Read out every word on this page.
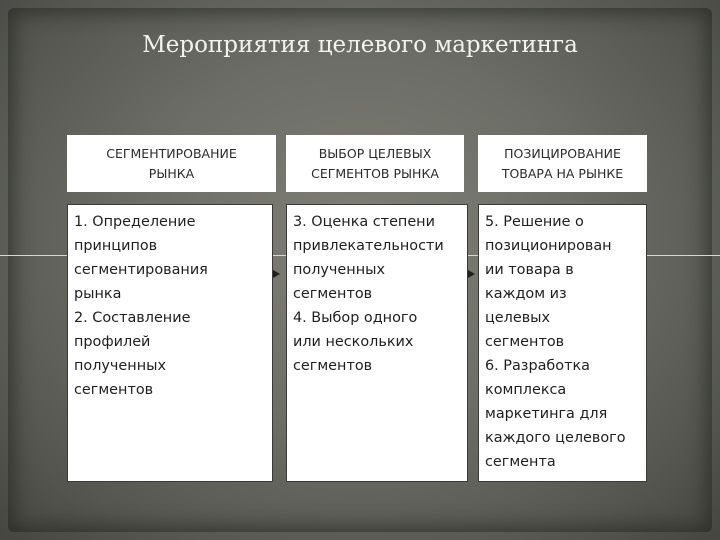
Мероприятия целевого маркетинга
СЕГМЕНТИРОВАНИЕ
РЫНКА
ВЫБОР ЦЕЛЕВЫХ
СЕГМЕНТОВ РЫНКА
ПОЗИЦИРОВАНИЕ
ТОВАРА НА РЫНКЕ
1. Определение
принципов
сегментирования
рынка
2. Составление
профилей
полученных
сегментов
3. Оценка степени
привлекательности
полученных
сегментов
4. Выбор одного
или нескольких
сегментов
5. Решение о
позиционирован
ии товара в
каждом из
целевых
сегментов
6. Разработка
комплекса
маркетинга для
каждого целевого
сегмента
